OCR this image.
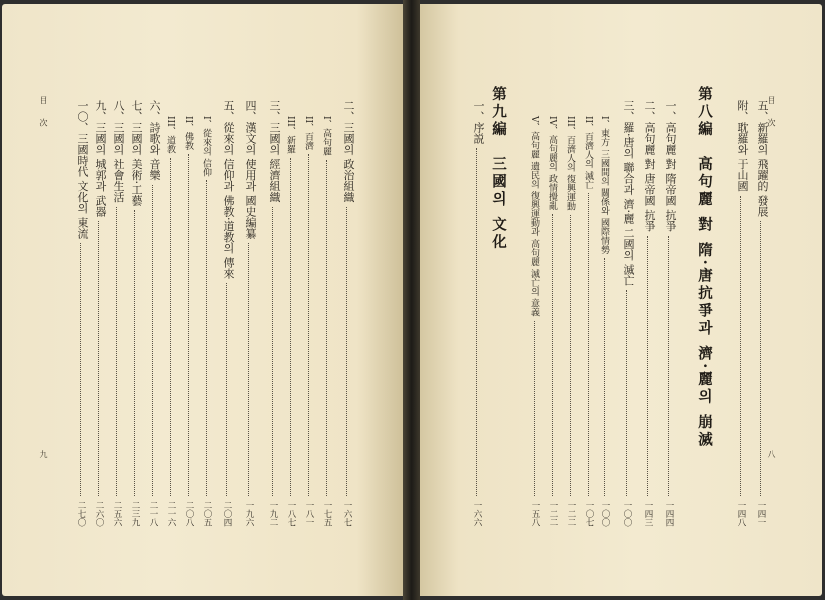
目 次
八
五、新羅의 飛躍的 發展
一四一
附、耽羅와 于山國
一四八
第八編　高句麗 對 隋·唐抗爭과 濟·麗의 崩滅
一、高句麗 對 隋帝國 抗爭
一四四
二、高句麗 對 唐帝國 抗爭
一四三
三、羅·唐의 聯合과 濟·麗 二國의 滅亡
一〇〇
I、東方 三國間의 關係와 國際情勢
一〇〇
II、百濟人의 滅亡
一〇七
III、百濟人의 復興運動
一二二
IV、高句麗의 政情攪亂
一二二
V、高句麗 遺民의 復興運動과 高句麗 滅亡의 意義
一五八
第九編　三國의 文化
一、序説
一六六
目 次
九
二、三國의 政治組織
一六七
I、高句麗
一七五
II、百濟
一八一
III、新羅
一八七
三、三國의 經濟組織
一九二
四、漢文의 使用과 國史編纂
一九六
五、從來의 信仰과 佛教·道教의 傳來
二〇四
I、從來의 信仰
二〇五
II、佛教
二〇八
III、道教
二一六
六、詩歌와 音樂
二一八
七、三國의 美術·工藝
二三九
八、三國의 社會生活
二五六
九、三國의 城郭과 武器
二六〇
一〇、三國時代 文化의 東流
二七〇
